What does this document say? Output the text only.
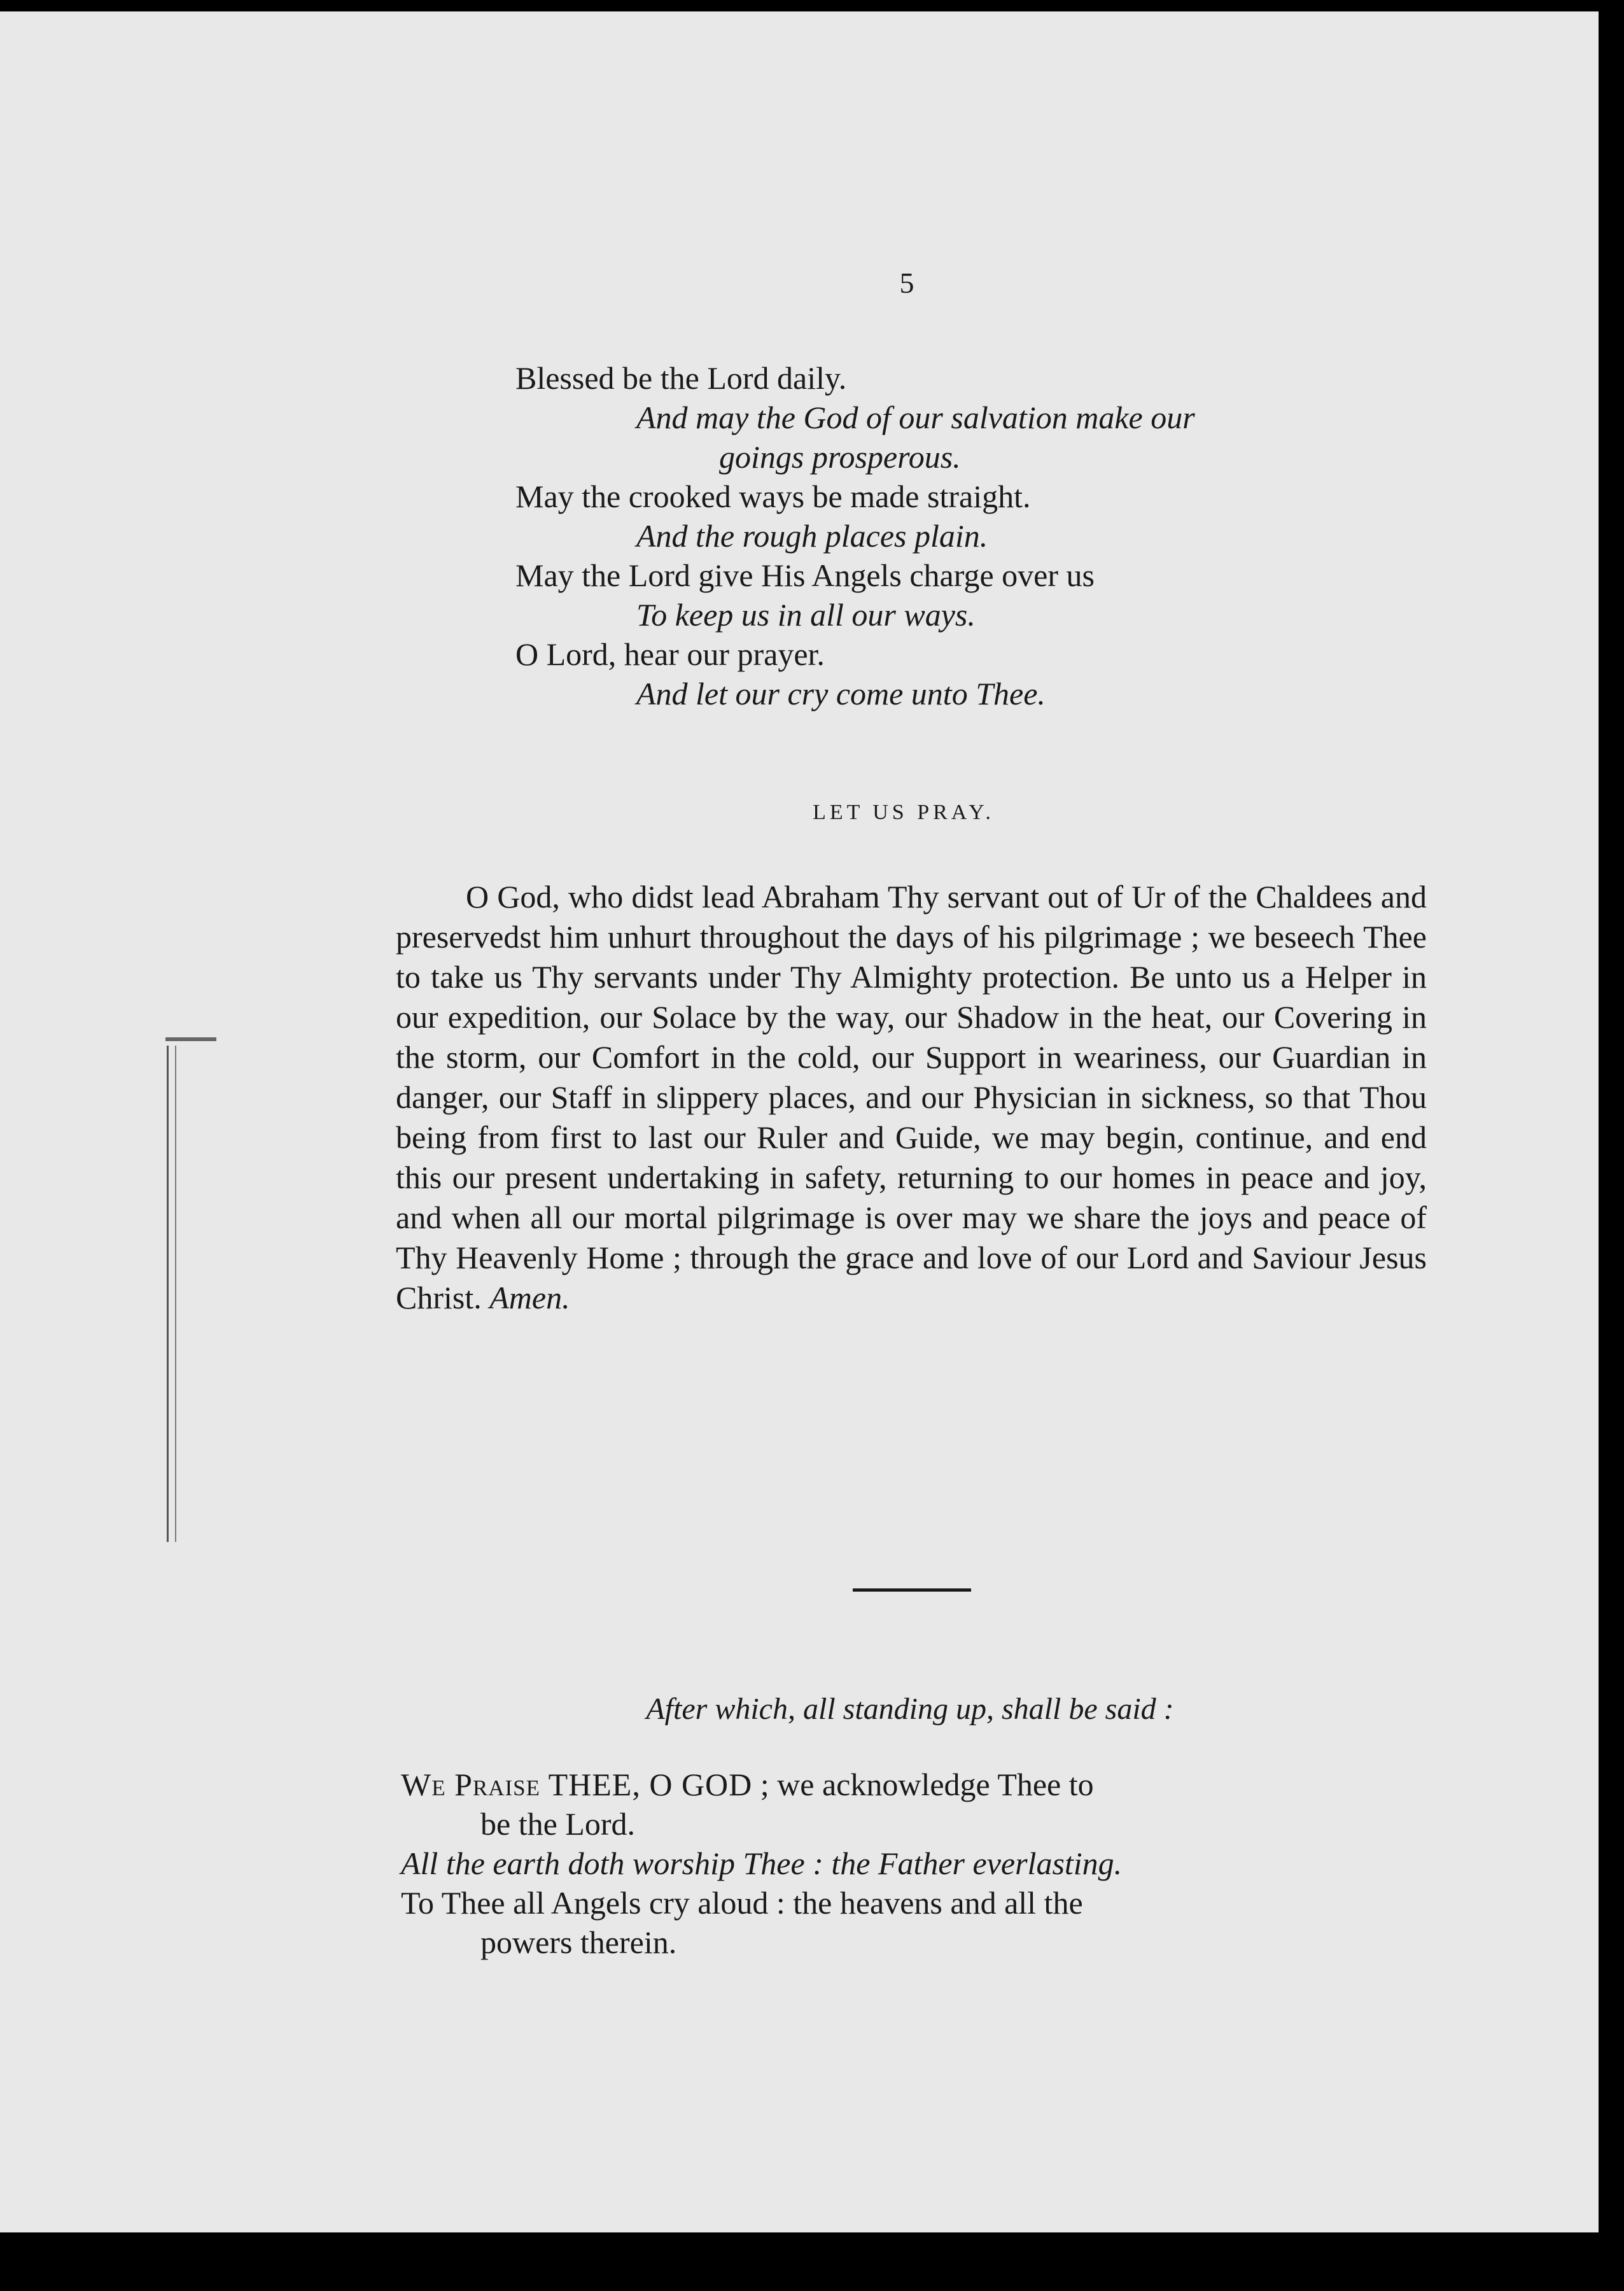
5

Blessed be the Lord daily.

And may the God of our salvation make our

goings prosperous.

May the crooked ways be made straight.

And the rough places plain.

May the Lord give His Angels charge over us

To keep us in all our ways.

O Lord, hear our prayer.

And let our cry come unto Thee.

LET US PRAY.

O God, who didst lead Abraham Thy servant out of Ur of the Chaldees and preservedst him unhurt throughout the days of his pilgrimage ; we beseech Thee to take us Thy servants under Thy Almighty protection. Be unto us a Helper in our expedition, our Solace by the way, our Shadow in the heat, our Covering in the storm, our Comfort in the cold, our Support in weariness, our Guardian in danger, our Staff in slippery places, and our Physician in sickness, so that Thou being from first to last our Ruler and Guide, we may begin, continue, and end this our present undertaking in safety, returning to our homes in peace and joy, and when all our mortal pilgrimage is over may we share the joys and peace of Thy Heavenly Home ; through the grace and love of our Lord and Saviour Jesus Christ. Amen.

After which, all standing up, shall be said :

We Praise THEE, O GOD ; we acknowledge Thee to

be the Lord.

All the earth doth worship Thee : the Father everlasting.

To Thee all Angels cry aloud : the heavens and all the

powers therein.
